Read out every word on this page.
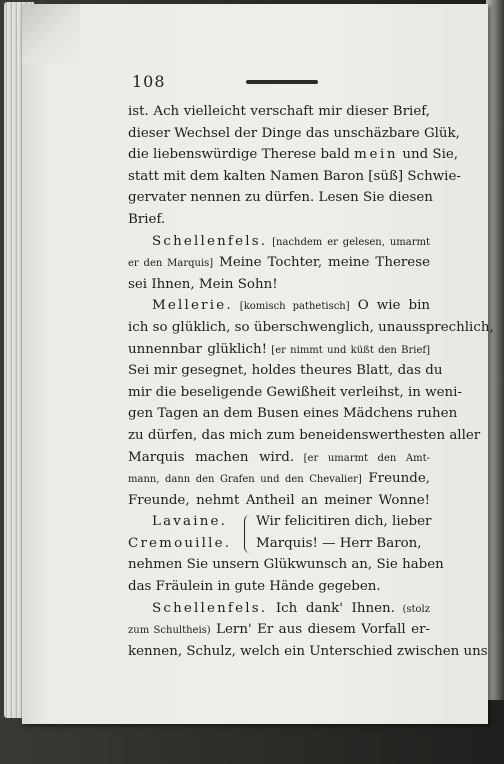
108
ist. Ach vielleicht verschaft mir dieser Brief,
dieser Wechsel der Dinge das unschäzbare Glük,
die liebenswürdige Therese bald mein und Sie,
statt mit dem kalten Namen Baron [süß] Schwie-
gervater nennen zu dürfen. Lesen Sie diesen
Brief.
Schellenfels. [nachdem er gelesen, umarmt
er den Marquis] Meine Tochter, meine Therese
sei Ihnen, Mein Sohn!
Mellerie. [komisch pathetisch] O wie bin
ich so glüklich, so überschwenglich, unaussprechlich,
unnennbar glüklich! [er nimmt und küßt den Brief]
Sei mir gesegnet, holdes theures Blatt, das du
mir die beseligende Gewißheit verleihst, in weni-
gen Tagen an dem Busen eines Mädchens ruhen
zu dürfen, das mich zum beneidenswerthesten aller
Marquis machen wird. [er umarmt den Amt-
mann, dann den Grafen und den Chevalier] Freunde,
Freunde, nehmt Antheil an meiner Wonne!
Lavaine. Wir felicitiren dich, lieber
Cremouille. Marquis! — Herr Baron,
nehmen Sie unsern Glükwunsch an, Sie haben
das Fräulein in gute Hände gegeben.
Schellenfels. Ich dank' Ihnen. (stolz
zum Schultheis) Lern' Er aus diesem Vorfall er-
kennen, Schulz, welch ein Unterschied zwischen uns
